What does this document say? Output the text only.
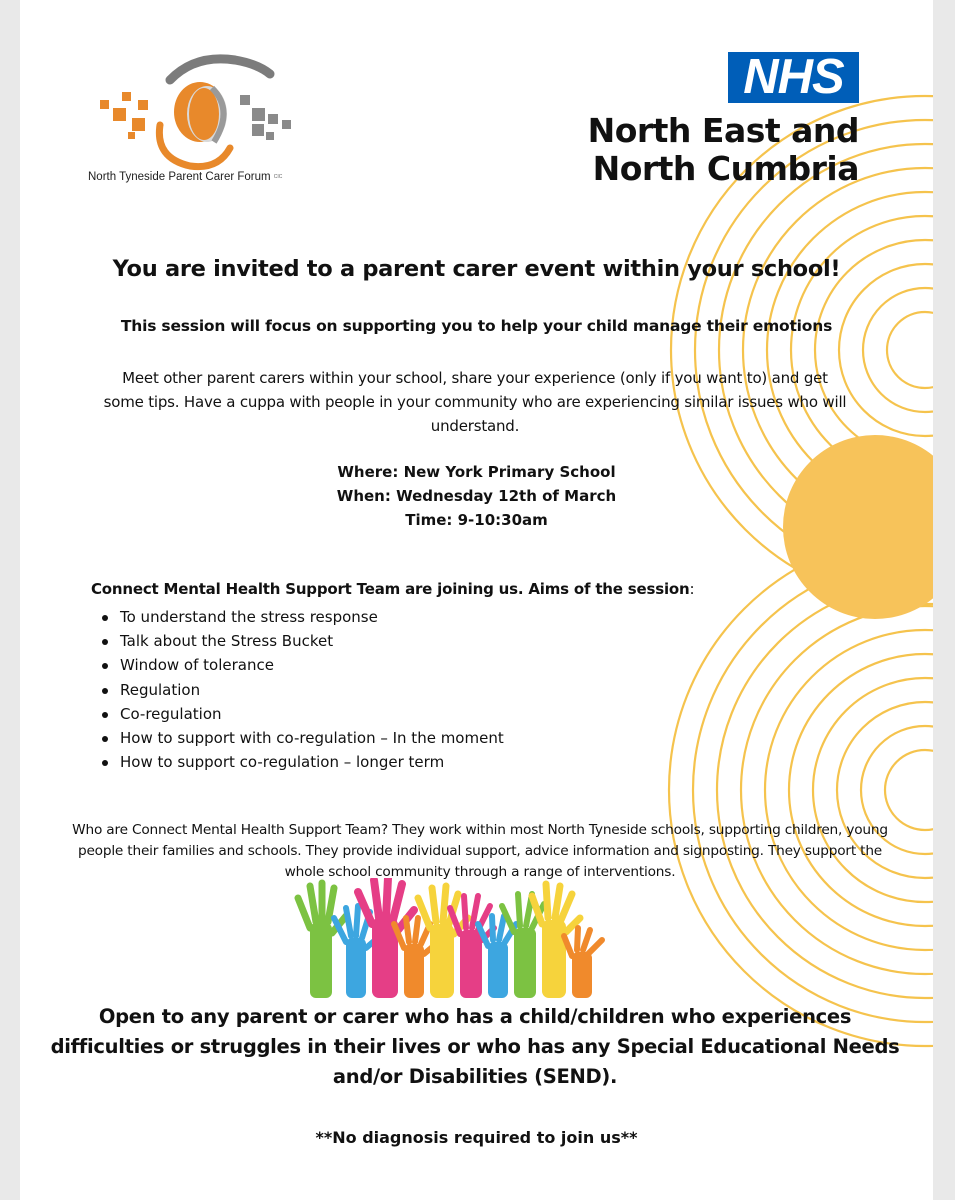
North Tyneside Parent Carer Forum CIC
NHS
North East and
North Cumbria
You are invited to a parent carer event within your school!
This session will focus on supporting you to help your child manage their emotions
Meet other parent carers within your school, share your experience (only if you want to) and get some tips. Have a cuppa with people in your community who are experiencing similar issues who will understand.
Where: New York Primary School
When: Wednesday 12th of March
Time: 9-10:30am
Connect Mental Health Support Team are joining us. Aims of the session:
To understand the stress response
Talk about the Stress Bucket
Window of tolerance
Regulation
Co-regulation
How to support with co-regulation – In the moment
How to support co-regulation – longer term
Who are Connect Mental Health Support Team? They work within most North Tyneside schools, supporting children, young people their families and schools. They provide individual support, advice information and signposting. They support the whole school community through a range of interventions.
Open to any parent or carer who has a child/children who experiences difficulties or struggles in their lives or who has any Special Educational Needs and/or Disabilities (SEND).
**No diagnosis required to join us**
